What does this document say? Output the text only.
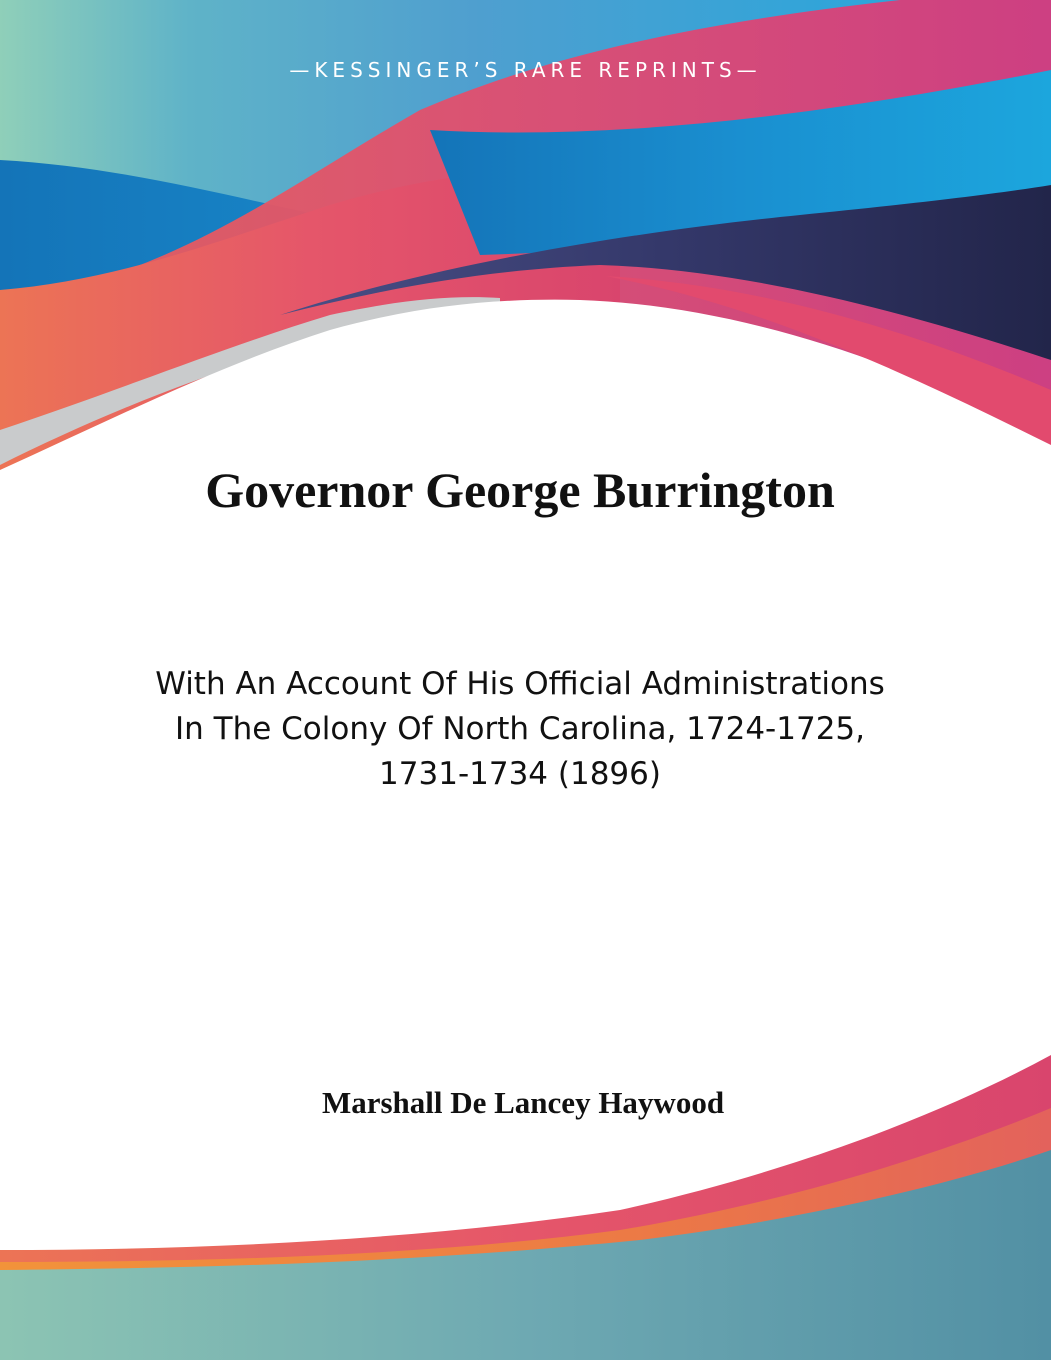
—KESSINGER’S RARE REPRINTS—
Governor George Burrington
With An Account Of His Official Administrations In The Colony Of North Carolina, 1724-1725, 1731-1734 (1896)
Marshall De Lancey Haywood
